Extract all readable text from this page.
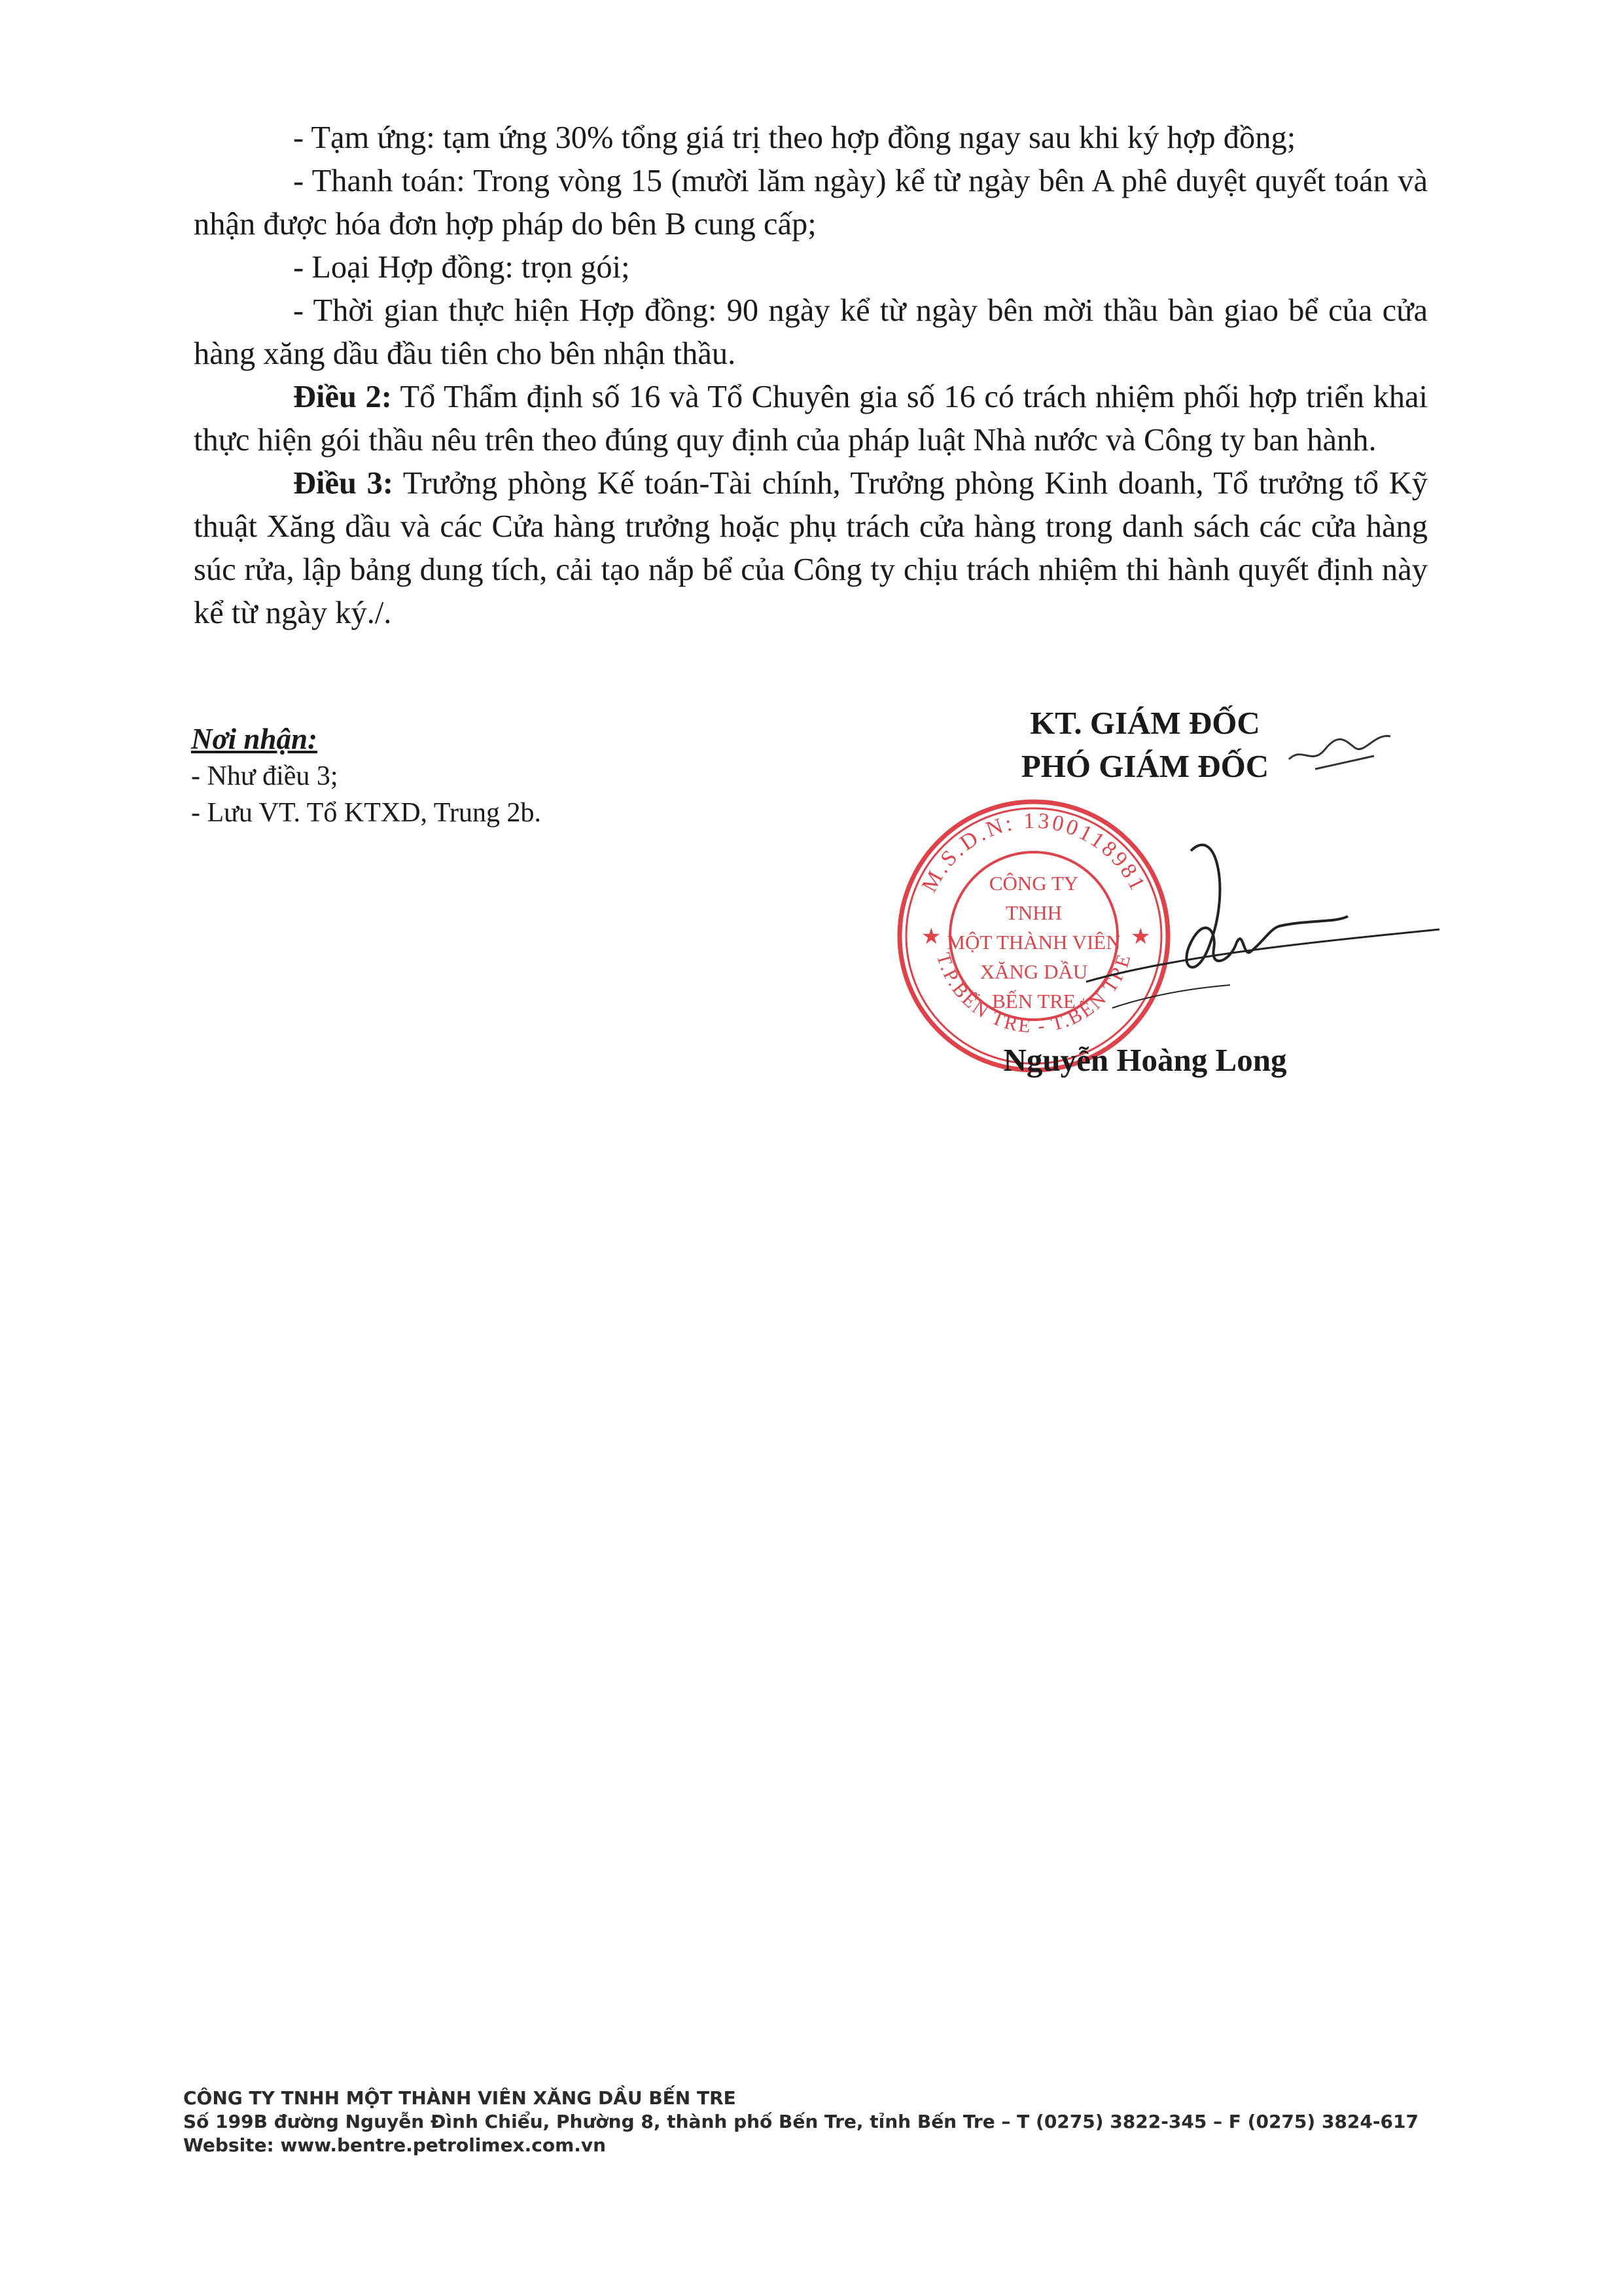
- Tạm ứng: tạm ứng 30% tổng giá trị theo hợp đồng ngay sau khi ký hợp đồng;

- Thanh toán: Trong vòng 15 (mười lăm ngày) kể từ ngày bên A phê duyệt quyết toán và nhận được hóa đơn hợp pháp do bên B cung cấp;

- Loại Hợp đồng: trọn gói;

- Thời gian thực hiện Hợp đồng: 90 ngày kể từ ngày bên mời thầu bàn giao bể của cửa hàng xăng dầu đầu tiên cho bên nhận thầu.

Điều 2: Tổ Thẩm định số 16 và Tổ Chuyên gia số 16 có trách nhiệm phối hợp triển khai thực hiện gói thầu nêu trên theo đúng quy định của pháp luật Nhà nước và Công ty ban hành.

Điều 3: Trưởng phòng Kế toán-Tài chính, Trưởng phòng Kinh doanh, Tổ trưởng tổ Kỹ thuật Xăng dầu và các Cửa hàng trưởng hoặc phụ trách cửa hàng trong danh sách các cửa hàng súc rửa, lập bảng dung tích, cải tạo nắp bể của Công ty chịu trách nhiệm thi hành quyết định này kể từ ngày ký./.

Nơi nhận:
- Như điều 3;
- Lưu VT. Tổ KTXD, Trung 2b.
KT. GIÁM ĐỐC
PHÓ GIÁM ĐỐC
M.S.D.N: 1300118981
T.P.BẾN TRE - T.BẾN TRE
★	★
CÔNG TY
TNHH
MỘT THÀNH VIÊN
XĂNG DẦU
BẾN TRE
Nguyễn Hoàng Long
CÔNG TY TNHH MỘT THÀNH VIÊN XĂNG DẦU BẾN TRE
Số 199B đường Nguyễn Đình Chiểu, Phường 8, thành phố Bến Tre, tỉnh Bến Tre – T (0275) 3822-345 – F (0275) 3824-617
Website: www.bentre.petrolimex.com.vn
